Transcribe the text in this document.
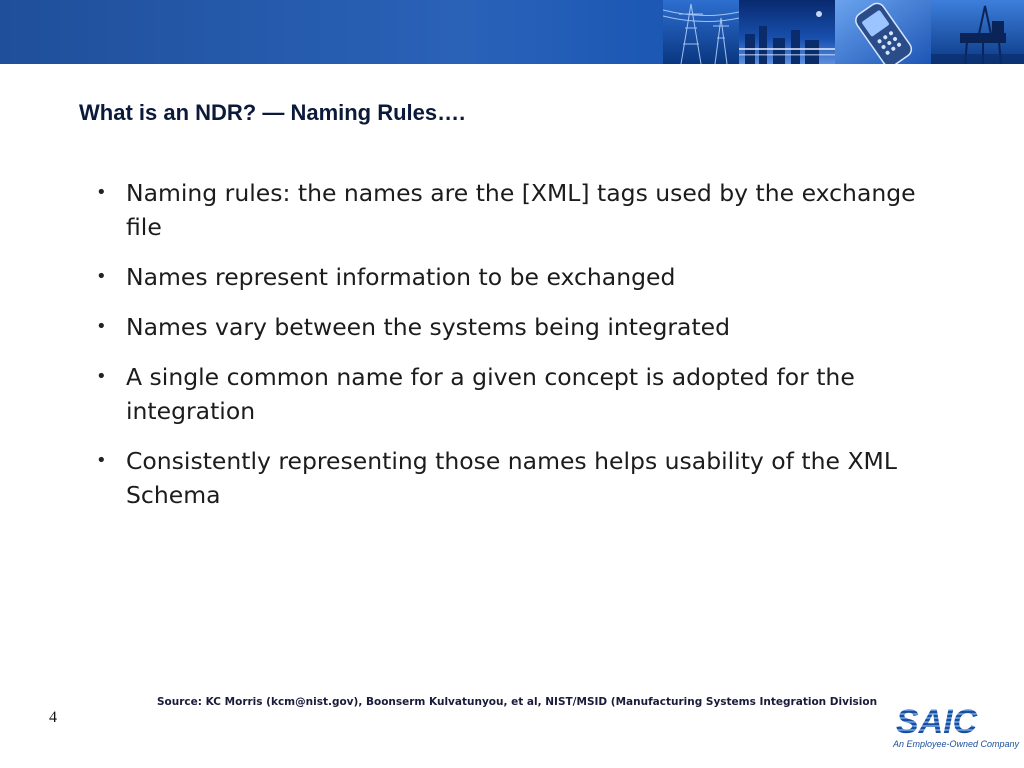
What is an NDR? — Naming Rules….
• Naming rules: the names are the [XML] tags used by the exchange file
• Names represent information to be exchanged
• Names vary between the systems being integrated
• A single common name for a given concept is adopted for the integration
• Consistently representing those names helps usability of the XML Schema
Source: KC Morris (kcm@nist.gov), Boonserm Kulvatunyou, et al, NIST/MSID (Manufacturing Systems Integration Division
4	SAIC
An Employee-Owned Company
